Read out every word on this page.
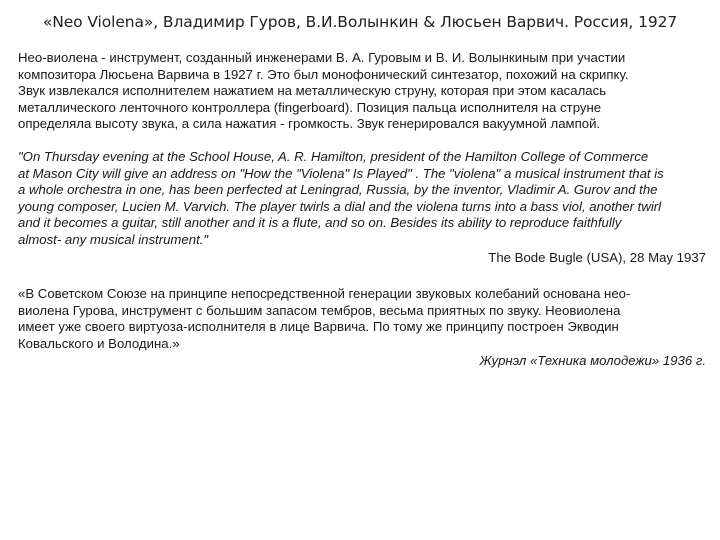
«Neo Violena», Владимир Гуров, В.И.Волынкин & Люсьен Варвич. Россия, 1927
Нео-виолена - инструмент, созданный инженерами В. А. Гуровым и В. И. Волынкиным при участии
композитора Люсьена Варвича в 1927 г. Это был монофонический синтезатор, похожий на скрипку.
Звук извлекался исполнителем нажатием на металлическую струну, которая при этом касалась
металлического ленточного контроллера (fingerboard). Позиция пальца исполнителя на струне
определяла высоту звука, а сила нажатия - громкость. Звук генерировался вакуумной лампой.
"On Thursday evening at the School House, A. R. Hamilton, president of the Hamilton College of Commerce
at Mason City will give an address on "How the "Violena" Is Played" . The "violena" a musical instrument that is
a whole orchestra in one, has been perfected at Leningrad, Russia, by the inventor, Vladimir A. Gurov and the
young composer, Lucien M. Varvich. The player twirls a dial and the violena turns into a bass viol, another twirl
and it becomes a guitar, still another and it is a flute, and so on. Besides its ability to reproduce faithfully
almost- any musical instrument."
The Bode Bugle (USA), 28 May 1937
«В Советском Союзе на принципе непосредственной генерации звуковых колебаний основана нео-
виолена Гурова, инструмент с большим запасом тембров, весьма приятных по звуку. Неовиолена
имеет уже своего виртуоза-исполнителя в лице Варвича. По тому же принципу построен Экводин
Ковальского и Володина.»
Журнэл «Техника молодежи» 1936 г.
